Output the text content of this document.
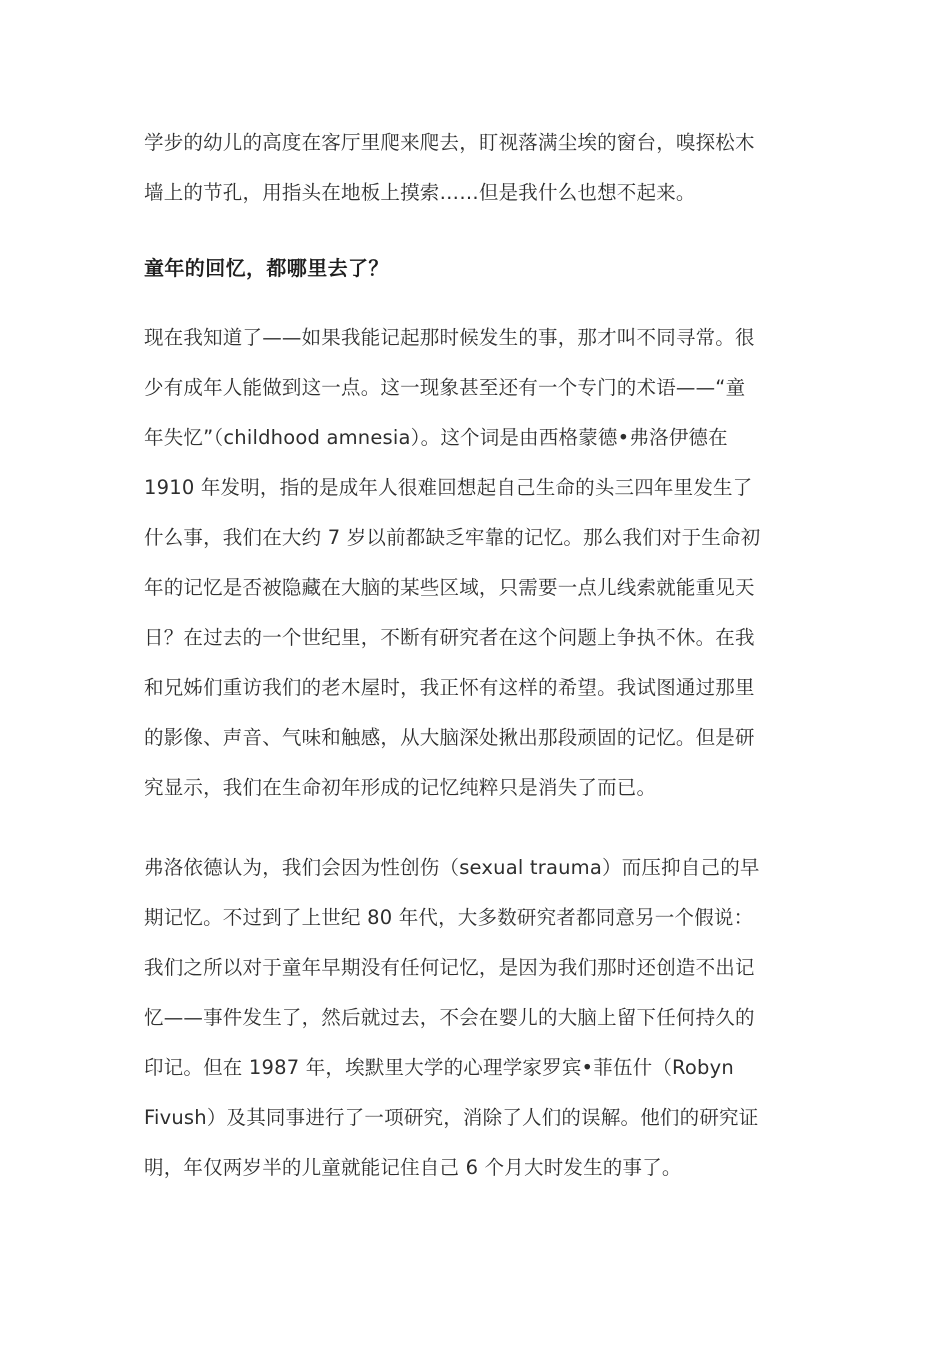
学步的幼儿的高度在客厅里爬来爬去，盯视落满尘埃的窗台，嗅探松木
墙上的节孔，用指头在地板上摸索……但是我什么也想不起来。
童年的回忆，都哪里去了？
现在我知道了——如果我能记起那时候发生的事，那才叫不同寻常。很
少有成年人能做到这一点。这一现象甚至还有一个专门的术语——“童
年失忆”（childhood amnesia）。这个词是由西格蒙德•弗洛伊德在
1910 年发明，指的是成年人很难回想起自己生命的头三四年里发生了
什么事，我们在大约 7 岁以前都缺乏牢靠的记忆。那么我们对于生命初
年的记忆是否被隐藏在大脑的某些区域，只需要一点儿线索就能重见天
日？在过去的一个世纪里，不断有研究者在这个问题上争执不休。在我
和兄姊们重访我们的老木屋时，我正怀有这样的希望。我试图通过那里
的影像、声音、气味和触感，从大脑深处揪出那段顽固的记忆。但是研
究显示，我们在生命初年形成的记忆纯粹只是消失了而已。
弗洛依德认为，我们会因为性创伤（sexual trauma）而压抑自己的早
期记忆。不过到了上世纪 80 年代，大多数研究者都同意另一个假说：
我们之所以对于童年早期没有任何记忆，是因为我们那时还创造不出记
忆——事件发生了，然后就过去，不会在婴儿的大脑上留下任何持久的
印记。但在 1987 年，埃默里大学的心理学家罗宾•菲伍什（Robyn
Fivush）及其同事进行了一项研究，消除了人们的误解。他们的研究证
明，年仅两岁半的儿童就能记住自己 6 个月大时发生的事了。
